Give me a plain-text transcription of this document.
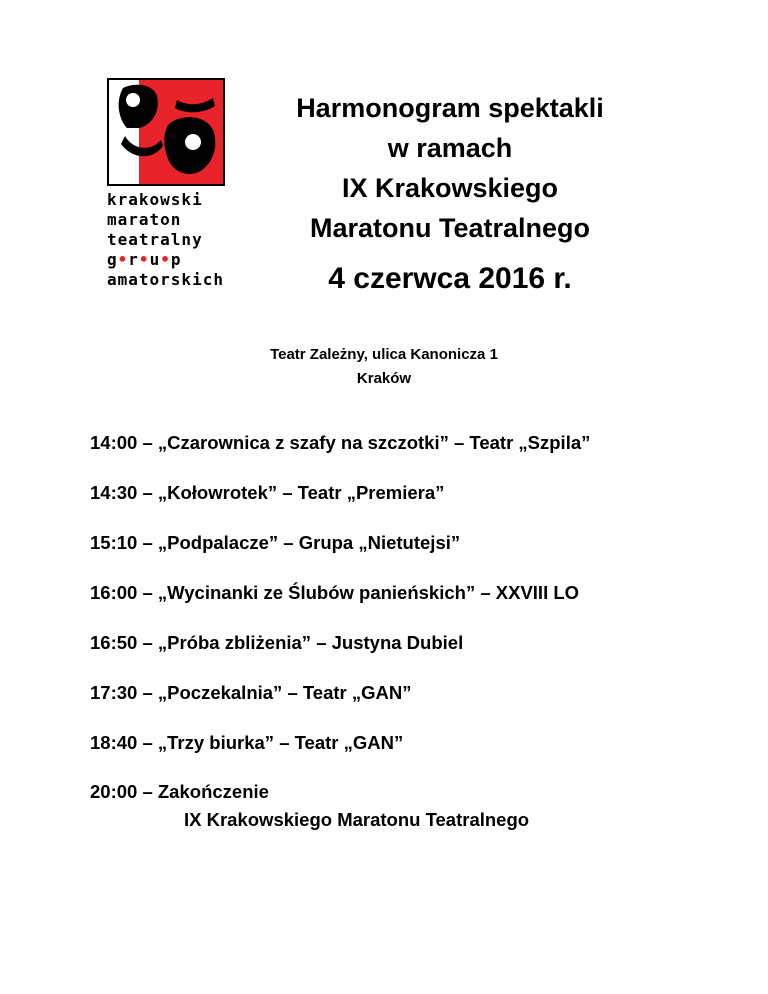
krakowski
maraton
teatralny
g•r•u•p
amatorskich
Harmonogram spektakli
w ramach
IX Krakowskiego
Maratonu Teatralnego
4 czerwca 2016 r.
Teatr Zależny, ulica Kanonicza 1
Kraków
14:00 – „Czarownica z szafy na szczotki” – Teatr „Szpila”
14:30 – „Kołowrotek” – Teatr „Premiera”
15:10 – „Podpalacze” – Grupa „Nietutejsi”
16:00 – „Wycinanki ze Ślubów panieńskich” – XXVIII LO
16:50 – „Próba zbliżenia” – Justyna Dubiel
17:30 – „Poczekalnia” – Teatr „GAN”
18:40 – „Trzy biurka” – Teatr „GAN”
20:00 – Zakończenie
IX Krakowskiego Maratonu Teatralnego
